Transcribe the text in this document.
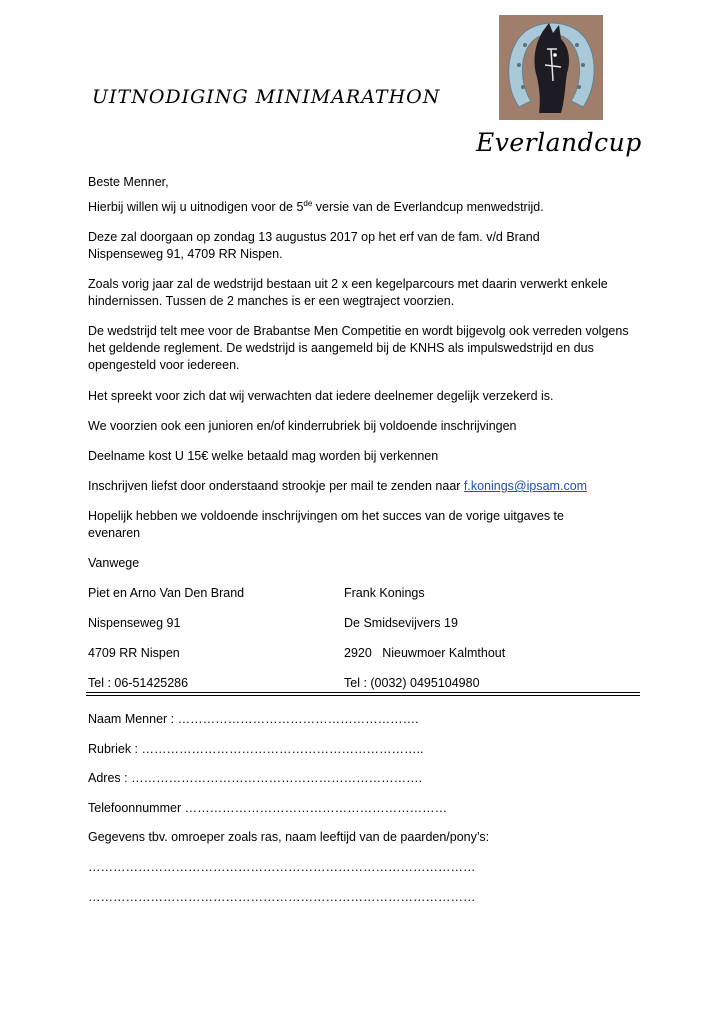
UITNODIGING MINIMARATHON
Everlandcup
Beste Menner,
Hierbij willen wij u uitnodigen voor de 5de versie van de Everlandcup menwedstrijd.
Deze zal doorgaan op zondag 13 augustus 2017 op het erf van de fam. v/d Brand Nispenseweg 91, 4709 RR Nispen.
Zoals vorig jaar zal de wedstrijd bestaan uit 2 x een kegelparcours met daarin verwerkt enkele hindernissen. Tussen de 2 manches is er een wegtraject voorzien.
De wedstrijd telt mee voor de Brabantse Men Competitie en wordt bijgevolg ook verreden volgens het geldende reglement. De wedstrijd is aangemeld bij de KNHS als impulswedstrijd en dus opengesteld voor iedereen.
Het spreekt voor zich dat wij verwachten dat iedere deelnemer degelijk verzekerd is.
We voorzien ook een junioren en/of kinderrubriek bij voldoende inschrijvingen
Deelname kost U 15€ welke betaald mag worden bij verkennen
Inschrijven liefst door onderstaand strookje per mail te zenden naar f.konings@ipsam.com
Hopelijk hebben we voldoende inschrijvingen om het succes van de vorige uitgaves te evenaren
Vanwege
Piet en Arno Van Den Brand	Frank Konings
Nispenseweg 91	De Smidsevijvers 19
4709 RR Nispen	2920   Nieuwmoer Kalmthout
Tel : 06-51425286	Tel : (0032) 0495104980
Naam Menner : ………………………………………………….
Rubriek : …………………………………………………………..
Adres : …………………………………………………………….
Telefoonnummer ………………………………………………………
Gegevens tbv. omroeper zoals ras, naam leeftijd van de paarden/pony’s:
…………………………………………………………………………………
…………………………………………………………………………………
